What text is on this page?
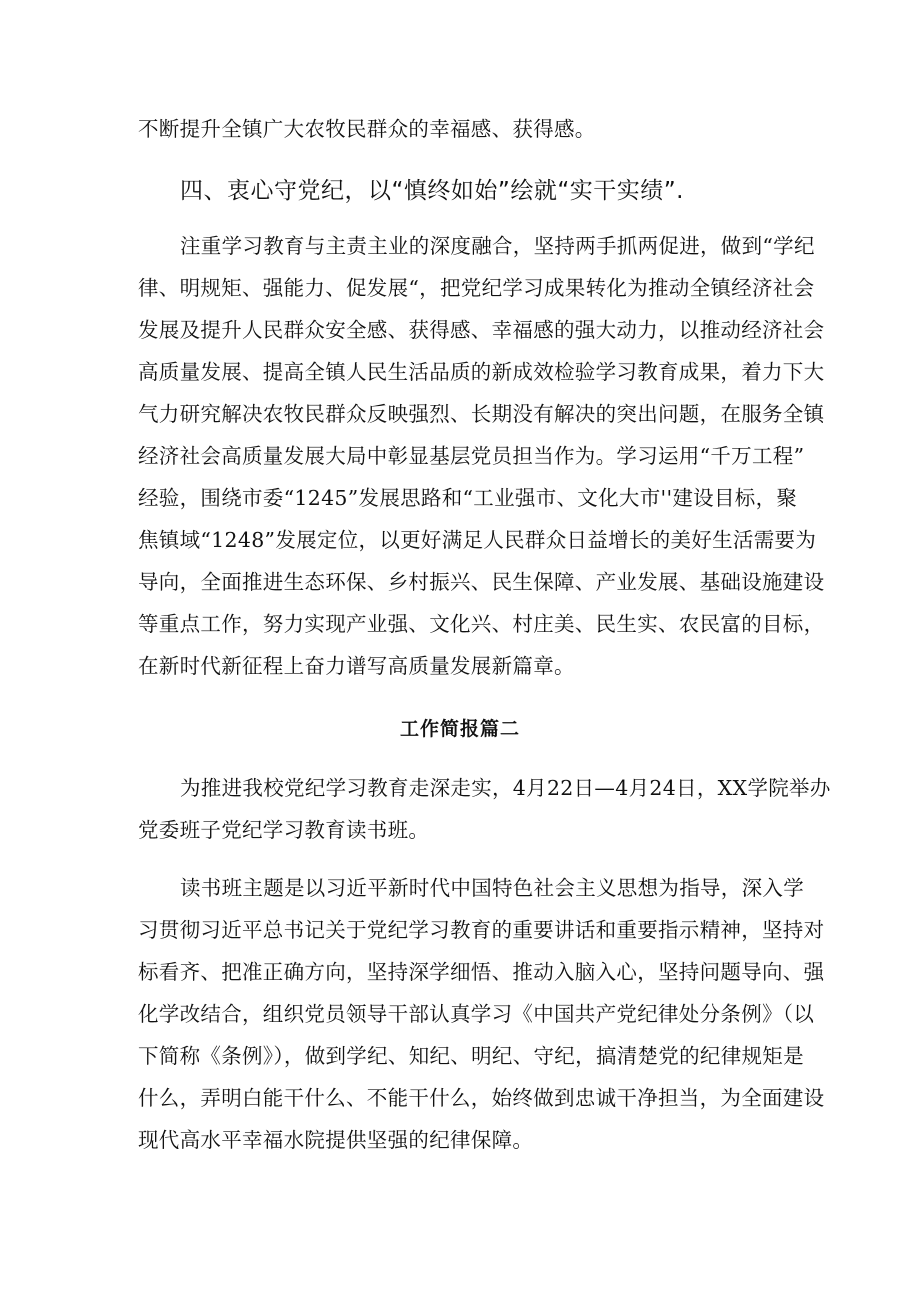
不断提升全镇广大农牧民群众的幸福感、获得感。
四、衷心守党纪，以“慎终如始”绘就“实干实绩”.
注重学习教育与主责主业的深度融合，坚持两手抓两促进，做到“学纪
律、明规矩、强能力、促发展“，把党纪学习成果转化为推动全镇经济社会
发展及提升人民群众安全感、获得感、幸福感的强大动力，以推动经济社会
高质量发展、提高全镇人民生活品质的新成效检验学习教育成果，着力下大
气力研究解决农牧民群众反映强烈、长期没有解决的突出问题，在服务全镇
经济社会高质量发展大局中彰显基层党员担当作为。学习运用“千万工程”
经验，围绕市委“1245”发展思路和“工业强市、文化大市''建设目标，聚
焦镇域“1248”发展定位，以更好满足人民群众日益增长的美好生活需要为
导向，全面推进生态环保、乡村振兴、民生保障、产业发展、基础设施建设
等重点工作，努力实现产业强、文化兴、村庄美、民生实、农民富的目标，
在新时代新征程上奋力谱写高质量发展新篇章。
工作简报篇二
为推进我校党纪学习教育走深走实，4月22日—4月24日，XX学院举办
党委班子党纪学习教育读书班。
读书班主题是以习近平新时代中国特色社会主义思想为指导，深入学
习贯彻习近平总书记关于党纪学习教育的重要讲话和重要指示精神，坚持对
标看齐、把准正确方向，坚持深学细悟、推动入脑入心，坚持问题导向、强
化学改结合，组织党员领导干部认真学习《中国共产党纪律处分条例》（以
下简称《条例》），做到学纪、知纪、明纪、守纪，搞清楚党的纪律规矩是
什么，弄明白能干什么、不能干什么，始终做到忠诚干净担当，为全面建设
现代高水平幸福水院提供坚强的纪律保障。
